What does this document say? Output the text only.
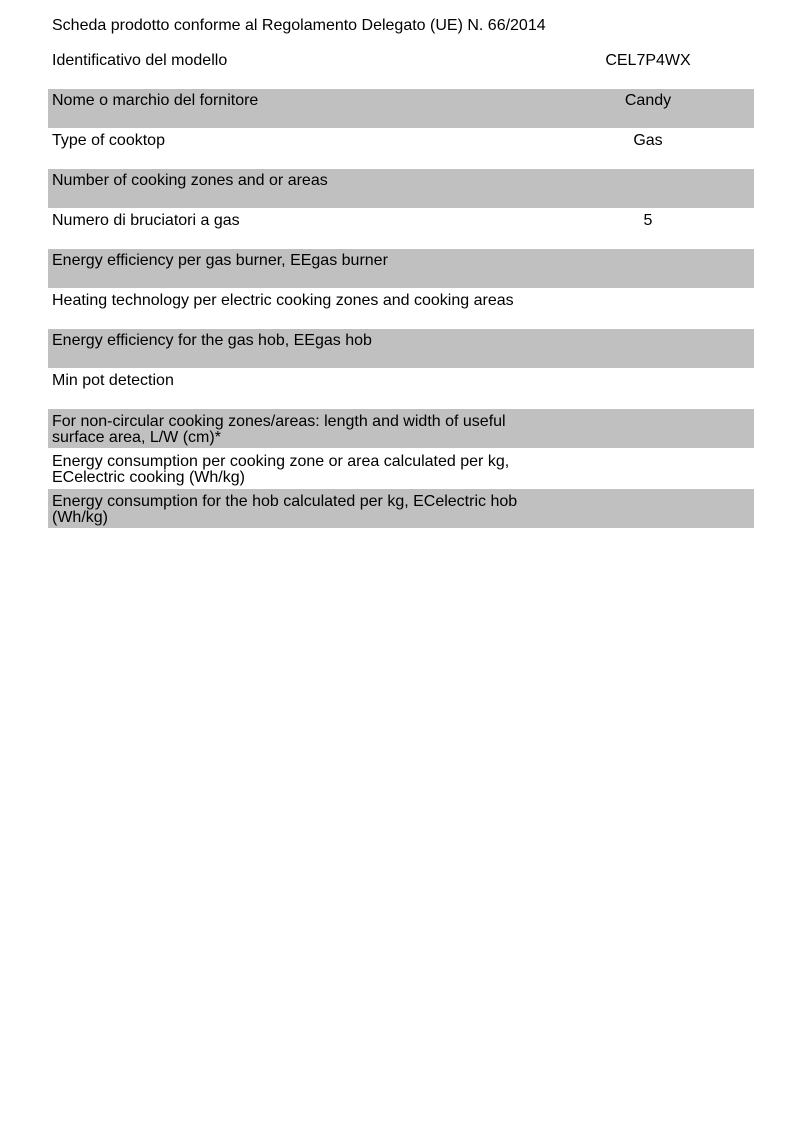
Scheda prodotto conforme al Regolamento Delegato (UE) N. 66/2014
Identificativo del modello	CEL7P4WX
Nome o marchio del fornitore	Candy
Type of cooktop	Gas
Number of cooking zones and or areas
Numero di bruciatori a gas	5
Energy efficiency per gas burner, EEgas burner
Heating technology per electric cooking zones and cooking areas
Energy efficiency for the gas hob, EEgas hob
Min pot detection
For non-circular cooking zones/areas: length and width of useful surface area, L/W (cm)*
Energy consumption per cooking zone or area calculated per kg, ECelectric cooking (Wh/kg)
Energy consumption for the hob calculated per kg, ECelectric hob (Wh/kg)
